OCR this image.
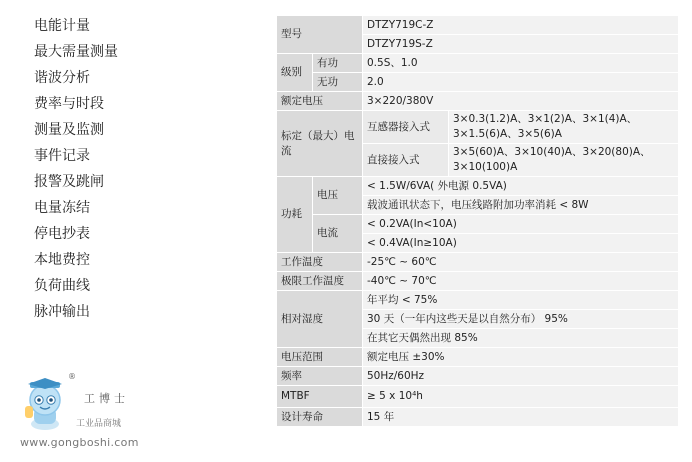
电能计量
最大需量测量
谐波分析
费率与时段
测量及监测
事件记录
报警及跳闸
电量冻结
停电抄表
本地费控
负荷曲线
脉冲输出
型号		DTZY719C-Z	
		DTZY719S-Z	
级别	有功	0.5S、1.0	
	无功	2.0	
额定电压		3×220/380V	
标定（最大）电流		互感器接入式	3×0.3(1.2)A、3×1(2)A、3×1(4)A、3×1.5(6)A、3×5(6)A
		直接接入式	3×5(60)A、3×10(40)A、3×20(80)A、3×10(100)A
功耗	电压	< 1.5W/6VA( 外电源 0.5VA)	
		载波通讯状态下，电压线路附加功率消耗 < 8W	
	电流	< 0.2VA(In<10A)	
		< 0.4VA(In≥10A)	
工作温度		-25℃ ~ 60℃	
极限工作温度		-40℃ ~ 70℃	
相对湿度		年平均 < 75%	
		30 天（一年内这些天是以自然分布） 95%	
		在其它天偶然出现 85%	
电压范围		额定电压 ±30%	
频率		50Hz/60Hz	
MTBF		≥ 5 x 10⁴h	
设计寿命		15 年	
®
工博士
工业品商城
www.gongboshi.com
